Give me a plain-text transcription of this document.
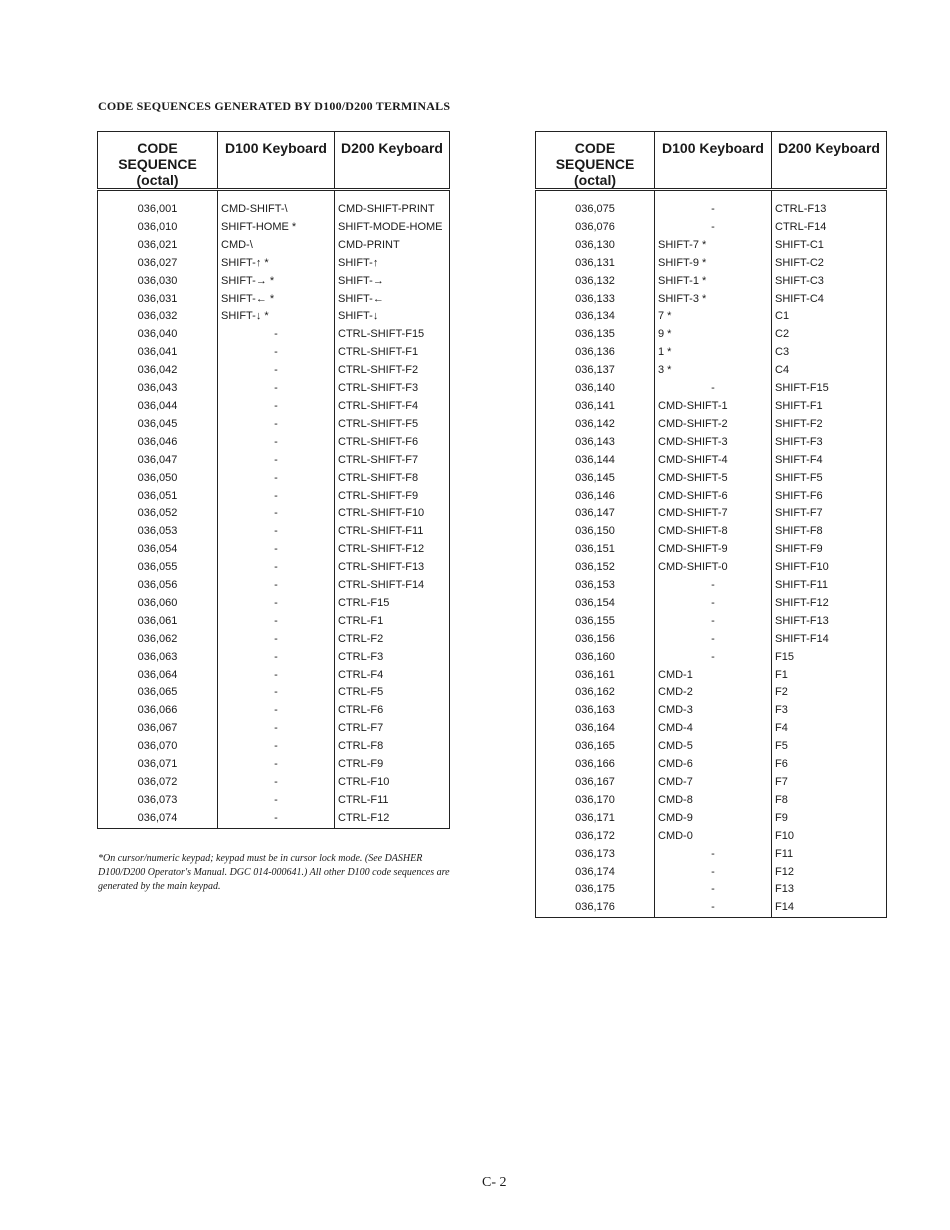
CODE SEQUENCES GENERATED BY D100/D200 TERMINALS
CODE
SEQUENCE
(octal)	D100 Keyboard	D200 Keyboard

036,001	CMD-SHIFT-\	CMD-SHIFT-PRINT
036,010	SHIFT-HOME *	SHIFT-MODE-HOME
036,021	CMD-\	CMD-PRINT
036,027	SHIFT-↑ *	SHIFT-↑
036,030	SHIFT-→ *	SHIFT-→
036,031	SHIFT-← *	SHIFT-←
036,032	SHIFT-↓ *	SHIFT-↓
036,040	-	CTRL-SHIFT-F15
036,041	-	CTRL-SHIFT-F1
036,042	-	CTRL-SHIFT-F2
036,043	-	CTRL-SHIFT-F3
036,044	-	CTRL-SHIFT-F4
036,045	-	CTRL-SHIFT-F5
036,046	-	CTRL-SHIFT-F6
036,047	-	CTRL-SHIFT-F7
036,050	-	CTRL-SHIFT-F8
036,051	-	CTRL-SHIFT-F9
036,052	-	CTRL-SHIFT-F10
036,053	-	CTRL-SHIFT-F11
036,054	-	CTRL-SHIFT-F12
036,055	-	CTRL-SHIFT-F13
036,056	-	CTRL-SHIFT-F14
036,060	-	CTRL-F15
036,061	-	CTRL-F1
036,062	-	CTRL-F2
036,063	-	CTRL-F3
036,064	-	CTRL-F4
036,065	-	CTRL-F5
036,066	-	CTRL-F6
036,067	-	CTRL-F7
036,070	-	CTRL-F8
036,071	-	CTRL-F9
036,072	-	CTRL-F10
036,073	-	CTRL-F11
036,074	-	CTRL-F12
CODE
SEQUENCE
(octal)	D100 Keyboard	D200 Keyboard

036,075	-	CTRL-F13
036,076	-	CTRL-F14
036,130	SHIFT-7 *	SHIFT-C1
036,131	SHIFT-9 *	SHIFT-C2
036,132	SHIFT-1 *	SHIFT-C3
036,133	SHIFT-3 *	SHIFT-C4
036,134	7 *	C1
036,135	9 *	C2
036,136	1 *	C3
036,137	3 *	C4
036,140	-	SHIFT-F15
036,141	CMD-SHIFT-1	SHIFT-F1
036,142	CMD-SHIFT-2	SHIFT-F2
036,143	CMD-SHIFT-3	SHIFT-F3
036,144	CMD-SHIFT-4	SHIFT-F4
036,145	CMD-SHIFT-5	SHIFT-F5
036,146	CMD-SHIFT-6	SHIFT-F6
036,147	CMD-SHIFT-7	SHIFT-F7
036,150	CMD-SHIFT-8	SHIFT-F8
036,151	CMD-SHIFT-9	SHIFT-F9
036,152	CMD-SHIFT-0	SHIFT-F10
036,153	-	SHIFT-F11
036,154	-	SHIFT-F12
036,155	-	SHIFT-F13
036,156	-	SHIFT-F14
036,160	-	F15
036,161	CMD-1	F1
036,162	CMD-2	F2
036,163	CMD-3	F3
036,164	CMD-4	F4
036,165	CMD-5	F5
036,166	CMD-6	F6
036,167	CMD-7	F7
036,170	CMD-8	F8
036,171	CMD-9	F9
036,172	CMD-0	F10
036,173	-	F11
036,174	-	F12
036,175	-	F13
036,176	-	F14
*On cursor/numeric keypad; keypad must be in cursor lock mode. (See DASHER D100/D200 Operator's Manual. DGC 014-000641.) All other D100 code sequences are generated by the main keypad.
C- 2
